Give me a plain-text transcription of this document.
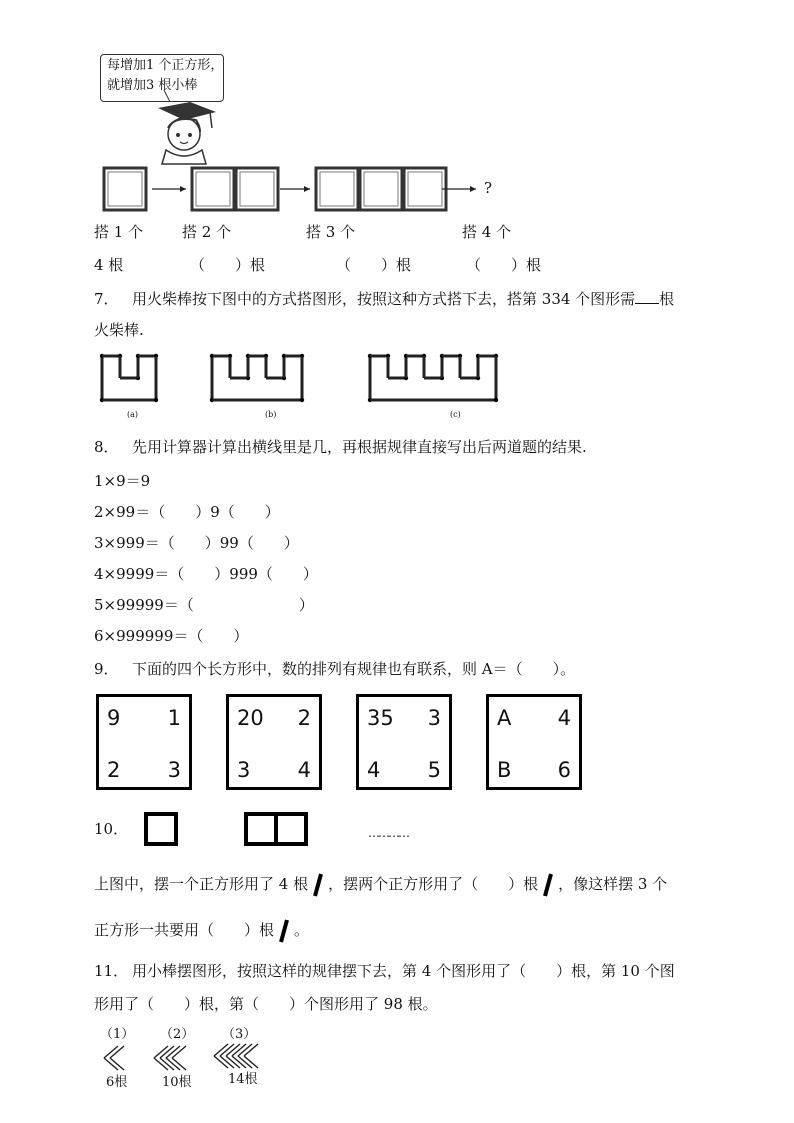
每增加1 个正方形，
就增加3 根小棒
?
搭 1 个	搭 2 个	搭 3 个	搭 4 个
4 根	（　　）根	（　　）根	（　　）根
7． 用火柴棒按下图中的方式搭图形，按照这种方式搭下去，搭第 334 个图形需 根
火柴棒.
(a)	(b)	(c)
8． 先用计算器计算出横线里是几，再根据规律直接写出后两道题的结果.
1×9＝9
2×99＝（　　）9（　　）
3×999＝（　　）99（　　）
4×9999＝（　　）999（　　）
5×99999＝（　　　　　　　）
6×999999＝（　　）
9． 下面的四个长方形中，数的排列有规律也有联系，则 A＝（　　）。
9 1
2 3
20 2
3 4
35 3
4 5
A 4
B 6
10．	…………
上图中，摆一个正方形用了 4 根 ，摆两个正方形用了（　　）根 ，像这样摆 3 个
正方形一共要用（　　）根 。
11． 用小棒摆图形，按照这样的规律摆下去，第 4 个图形用了（　　）根，第 10 个图
形用了（　　）根，第（　　）个图形用了 98 根。
（1） （2） （3）
6根	10根	14根
